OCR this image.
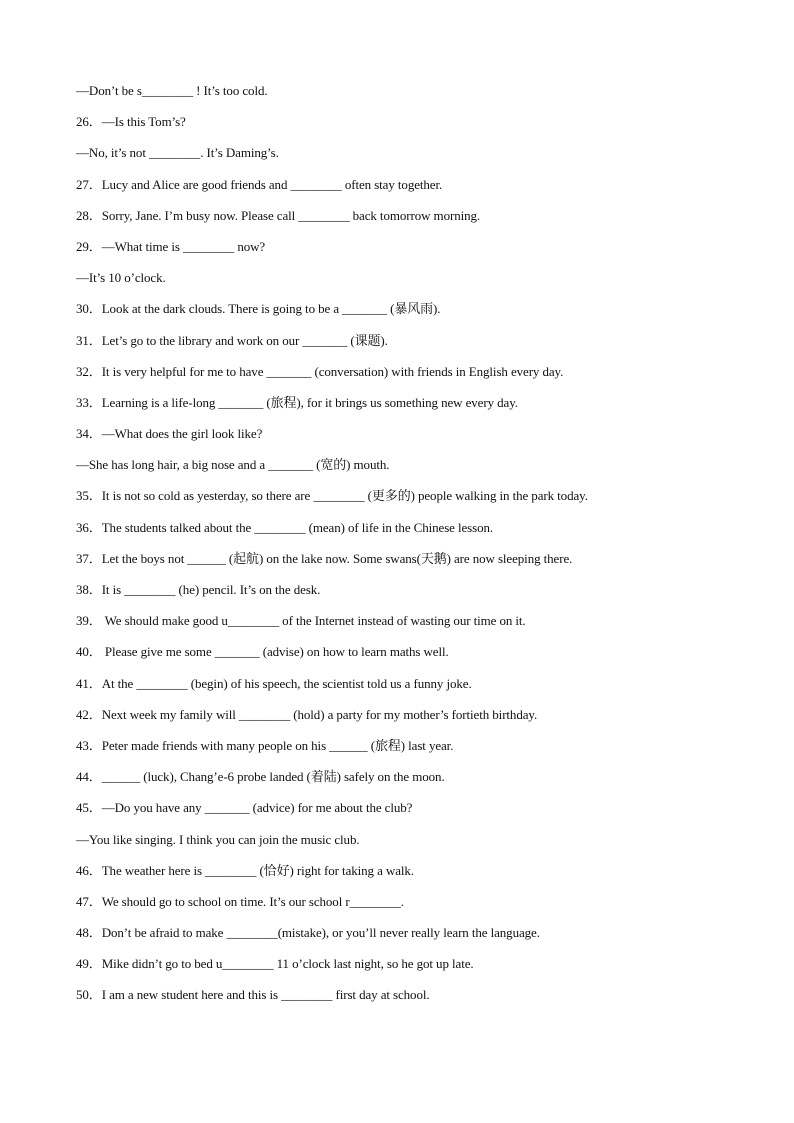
—Don’t be s________ ! It’s too cold.
26．—Is this Tom’s?
—No, it’s not ________. It’s Daming’s.
27．Lucy and Alice are good friends and ________ often stay together.
28．Sorry, Jane. I’m busy now. Please call ________ back tomorrow morning.
29．—What time is ________ now?
—It’s 10 o’clock.
30．Look at the dark clouds. There is going to be a _______ (暴风雨).
31．Let’s go to the library and work on our _______ (课题).
32．It is very helpful for me to have _______ (conversation) with friends in English every day.
33．Learning is a life-long _______ (旅程), for it brings us something new every day.
34．—What does the girl look like?
—She has long hair, a big nose and a _______ (宽的) mouth.
35．It is not so cold as yesterday, so there are ________ (更多的) people walking in the park today.
36．The students talked about the ________ (mean) of life in the Chinese lesson.
37．Let the boys not ______ (起航) on the lake now. Some swans(天鹅) are now sleeping there.
38．It is ________ (he) pencil. It’s on the desk.
39． We should make good u________ of the Internet instead of wasting our time on it.
40． Please give me some _______ (advise) on how to learn maths well.
41．At the ________ (begin) of his speech, the scientist told us a funny joke.
42．Next week my family will ________ (hold) a party for my mother’s fortieth birthday.
43．Peter made friends with many people on his ______ (旅程) last year.
44．______ (luck), Chang’e-6 probe landed (着陆) safely on the moon.
45．—Do you have any _______ (advice) for me about the club?
—You like singing. I think you can join the music club.
46．The weather here is ________ (恰好) right for taking a walk.
47．We should go to school on time. It’s our school r________.
48．Don’t be afraid to make ________(mistake), or you’ll never really learn the language.
49．Mike didn’t go to bed u________ 11 o’clock last night, so he got up late.
50．I am a new student here and this is ________ first day at school.
